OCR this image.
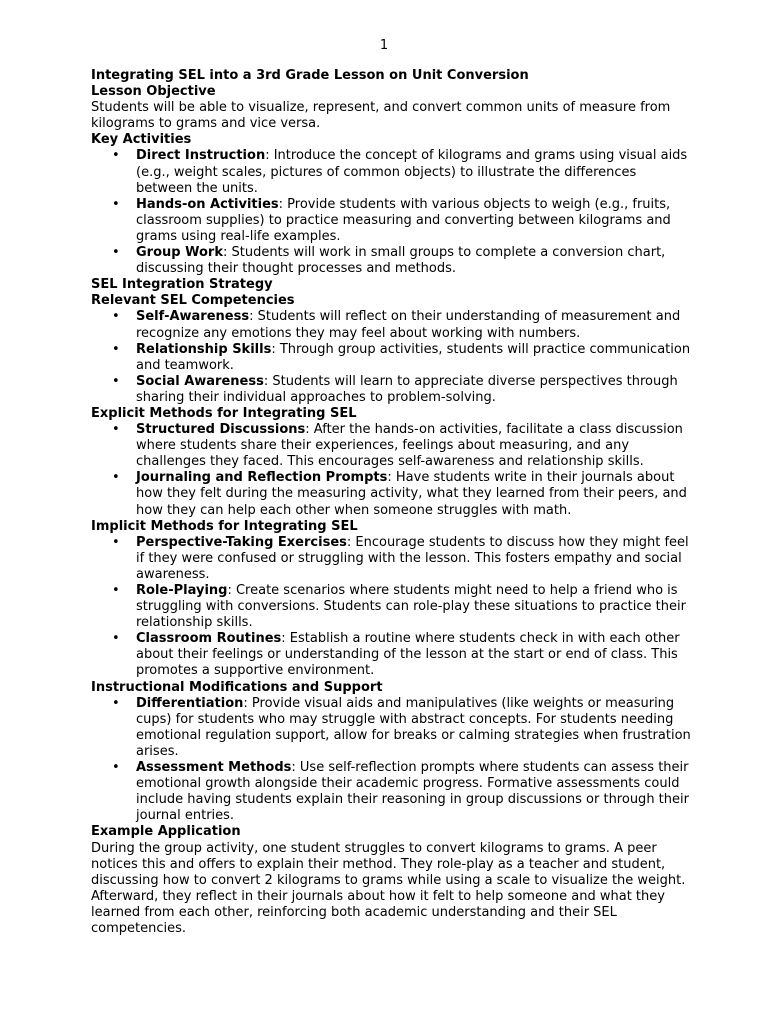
1

Integrating SEL into a 3rd Grade Lesson on Unit Conversion

Lesson Objective

Students will be able to visualize, represent, and convert common units of measure from kilograms to grams and vice versa.

Key Activities

• Direct Instruction: Introduce the concept of kilograms and grams using visual aids (e.g., weight scales, pictures of common objects) to illustrate the differences between the units.
• Hands-on Activities: Provide students with various objects to weigh (e.g., fruits, classroom supplies) to practice measuring and converting between kilograms and grams using real-life examples.
• Group Work: Students will work in small groups to complete a conversion chart, discussing their thought processes and methods.

SEL Integration Strategy

Relevant SEL Competencies

• Self-Awareness: Students will reflect on their understanding of measurement and recognize any emotions they may feel about working with numbers.
• Relationship Skills: Through group activities, students will practice communication and teamwork.
• Social Awareness: Students will learn to appreciate diverse perspectives through sharing their individual approaches to problem-solving.

Explicit Methods for Integrating SEL

• Structured Discussions: After the hands-on activities, facilitate a class discussion where students share their experiences, feelings about measuring, and any challenges they faced. This encourages self-awareness and relationship skills.
• Journaling and Reflection Prompts: Have students write in their journals about how they felt during the measuring activity, what they learned from their peers, and how they can help each other when someone struggles with math.

Implicit Methods for Integrating SEL

• Perspective-Taking Exercises: Encourage students to discuss how they might feel if they were confused or struggling with the lesson. This fosters empathy and social awareness.
• Role-Playing: Create scenarios where students might need to help a friend who is struggling with conversions. Students can role-play these situations to practice their relationship skills.
• Classroom Routines: Establish a routine where students check in with each other about their feelings or understanding of the lesson at the start or end of class. This promotes a supportive environment.

Instructional Modifications and Support

• Differentiation: Provide visual aids and manipulatives (like weights or measuring cups) for students who may struggle with abstract concepts. For students needing emotional regulation support, allow for breaks or calming strategies when frustration arises.
• Assessment Methods: Use self-reflection prompts where students can assess their emotional growth alongside their academic progress. Formative assessments could include having students explain their reasoning in group discussions or through their journal entries.

Example Application

During the group activity, one student struggles to convert kilograms to grams. A peer notices this and offers to explain their method. They role-play as a teacher and student, discussing how to convert 2 kilograms to grams while using a scale to visualize the weight. Afterward, they reflect in their journals about how it felt to help someone and what they learned from each other, reinforcing both academic understanding and their SEL competencies.
